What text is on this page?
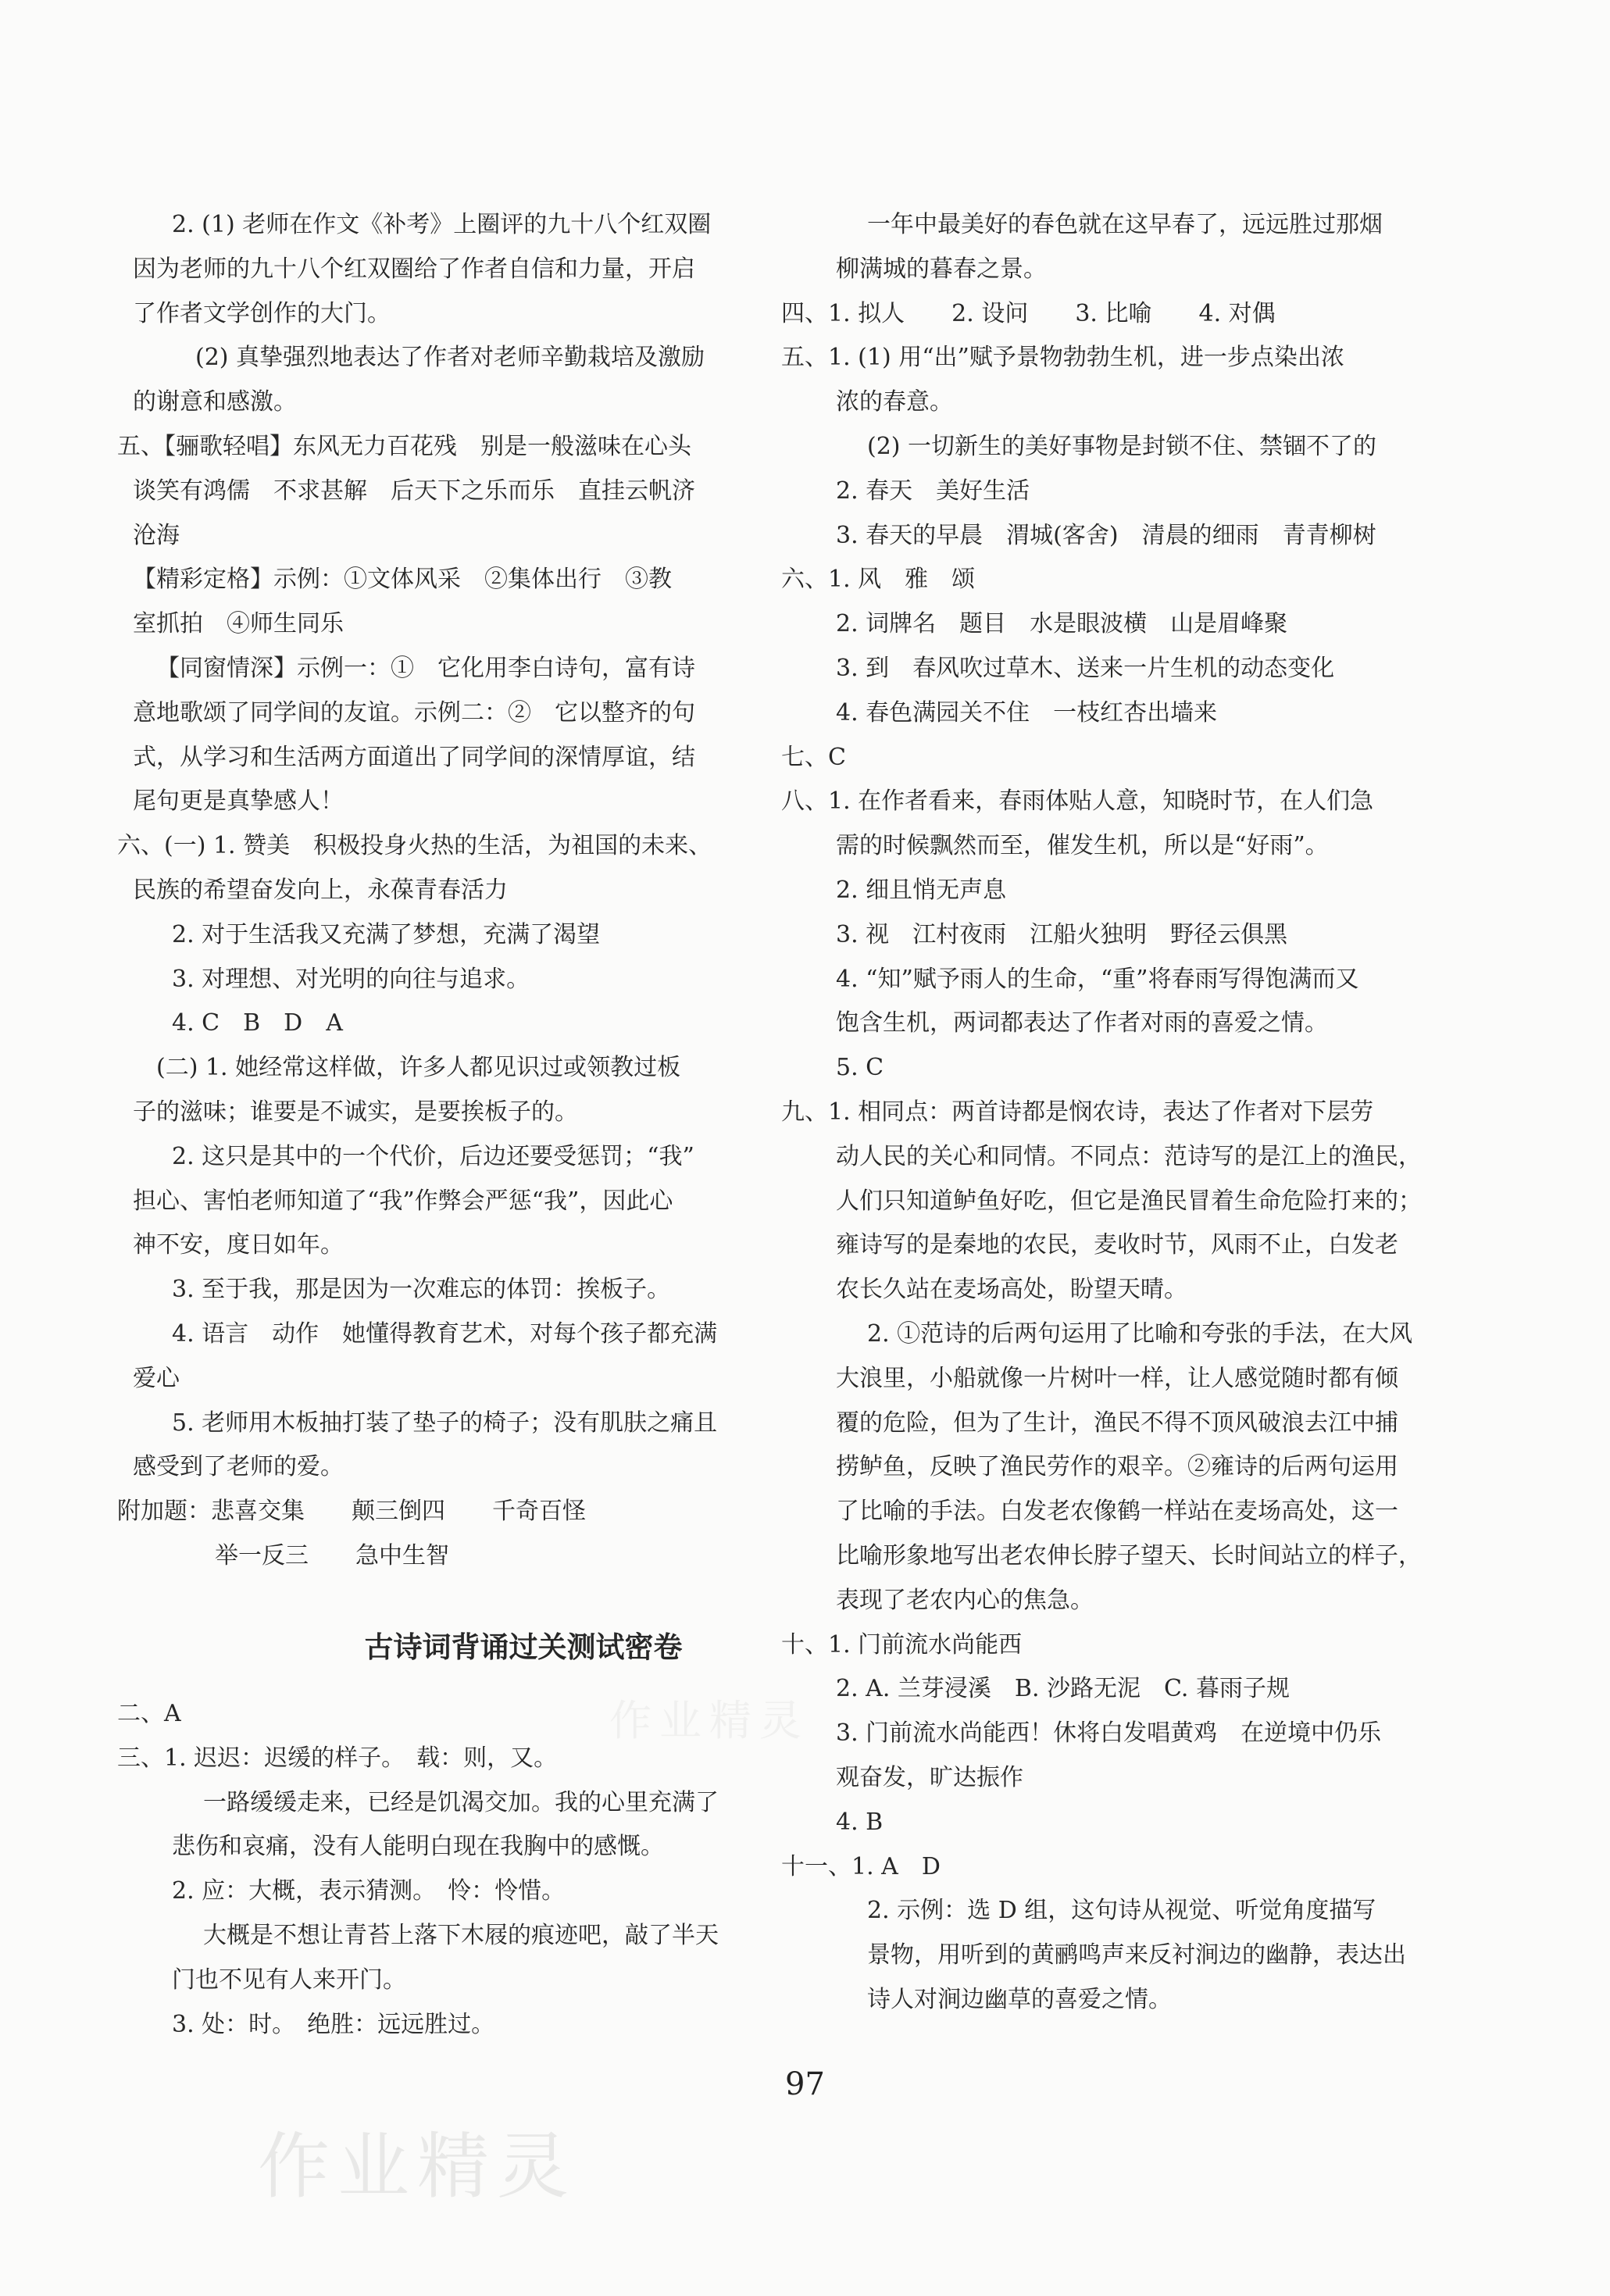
2. (1) 老师在作文《补考》上圈评的九十八个红双圈
因为老师的九十八个红双圈给了作者自信和力量，开启
了作者文学创作的大门。
(2) 真挚强烈地表达了作者对老师辛勤栽培及激励
的谢意和感激。
五、【骊歌轻唱】东风无力百花残　别是一般滋味在心头
谈笑有鸿儒　不求甚解　后天下之乐而乐　直挂云帆济
沧海
【精彩定格】示例：①文体风采　②集体出行　③教
室抓拍　④师生同乐
【同窗情深】示例一：①　它化用李白诗句，富有诗
意地歌颂了同学间的友谊。示例二：②　它以整齐的句
式，从学习和生活两方面道出了同学间的深情厚谊，结
尾句更是真挚感人！
六、(一) 1. 赞美　积极投身火热的生活，为祖国的未来、
民族的希望奋发向上，永葆青春活力
2. 对于生活我又充满了梦想，充满了渴望
3. 对理想、对光明的向往与追求。
4. C　B　D　A
(二) 1. 她经常这样做，许多人都见识过或领教过板
子的滋味；谁要是不诚实，是要挨板子的。
2. 这只是其中的一个代价，后边还要受惩罚；“我”
担心、害怕老师知道了“我”作弊会严惩“我”，因此心
神不安，度日如年。
3. 至于我，那是因为一次难忘的体罚：挨板子。
4. 语言　动作　她懂得教育艺术，对每个孩子都充满
爱心
5. 老师用木板抽打装了垫子的椅子；没有肌肤之痛且
感受到了老师的爱。
附加题：悲喜交集　　颠三倒四　　千奇百怪
举一反三　　急中生智
古诗词背诵过关测试密卷
二、A
三、1. 迟迟：迟缓的样子。　载：则，又。
一路缓缓走来，已经是饥渴交加。我的心里充满了
悲伤和哀痛，没有人能明白现在我胸中的感慨。
2. 应：大概，表示猜测。　怜：怜惜。
大概是不想让青苔上落下木屐的痕迹吧，敲了半天
门也不见有人来开门。
3. 处：时。　绝胜：远远胜过。
一年中最美好的春色就在这早春了，远远胜过那烟
柳满城的暮春之景。
四、1. 拟人　　2. 设问　　3. 比喻　　4. 对偶
五、1. (1) 用“出”赋予景物勃勃生机，进一步点染出浓
浓的春意。
(2) 一切新生的美好事物是封锁不住、禁锢不了的
2. 春天　美好生活
3. 春天的早晨　渭城(客舍)　清晨的细雨　青青柳树
六、1. 风　雅　颂
2. 词牌名　题目　水是眼波横　山是眉峰聚
3. 到　春风吹过草木、送来一片生机的动态变化
4. 春色满园关不住　一枝红杏出墙来
七、C
八、1. 在作者看来，春雨体贴人意，知晓时节，在人们急
需的时候飘然而至，催发生机，所以是“好雨”。
2. 细且悄无声息
3. 视　江村夜雨　江船火独明　野径云俱黑
4. “知”赋予雨人的生命，“重”将春雨写得饱满而又
饱含生机，两词都表达了作者对雨的喜爱之情。
5. C
九、1. 相同点：两首诗都是悯农诗，表达了作者对下层劳
动人民的关心和同情。不同点：范诗写的是江上的渔民，
人们只知道鲈鱼好吃，但它是渔民冒着生命危险打来的；
雍诗写的是秦地的农民，麦收时节，风雨不止，白发老
农长久站在麦场高处，盼望天晴。
2. ①范诗的后两句运用了比喻和夸张的手法，在大风
大浪里，小船就像一片树叶一样，让人感觉随时都有倾
覆的危险，但为了生计，渔民不得不顶风破浪去江中捕
捞鲈鱼，反映了渔民劳作的艰辛。②雍诗的后两句运用
了比喻的手法。白发老农像鹤一样站在麦场高处，这一
比喻形象地写出老农伸长脖子望天、长时间站立的样子，
表现了老农内心的焦急。
十、1. 门前流水尚能西
2. A. 兰芽浸溪　B. 沙路无泥　C. 暮雨子规
3. 门前流水尚能西！休将白发唱黄鸡　在逆境中仍乐
观奋发，旷达振作
4. B
十一、1. A　D
2. 示例：选 D 组，这句诗从视觉、听觉角度描写
景物，用听到的黄鹂鸣声来反衬涧边的幽静，表达出
诗人对涧边幽草的喜爱之情。
97
作业精灵
作业精灵
